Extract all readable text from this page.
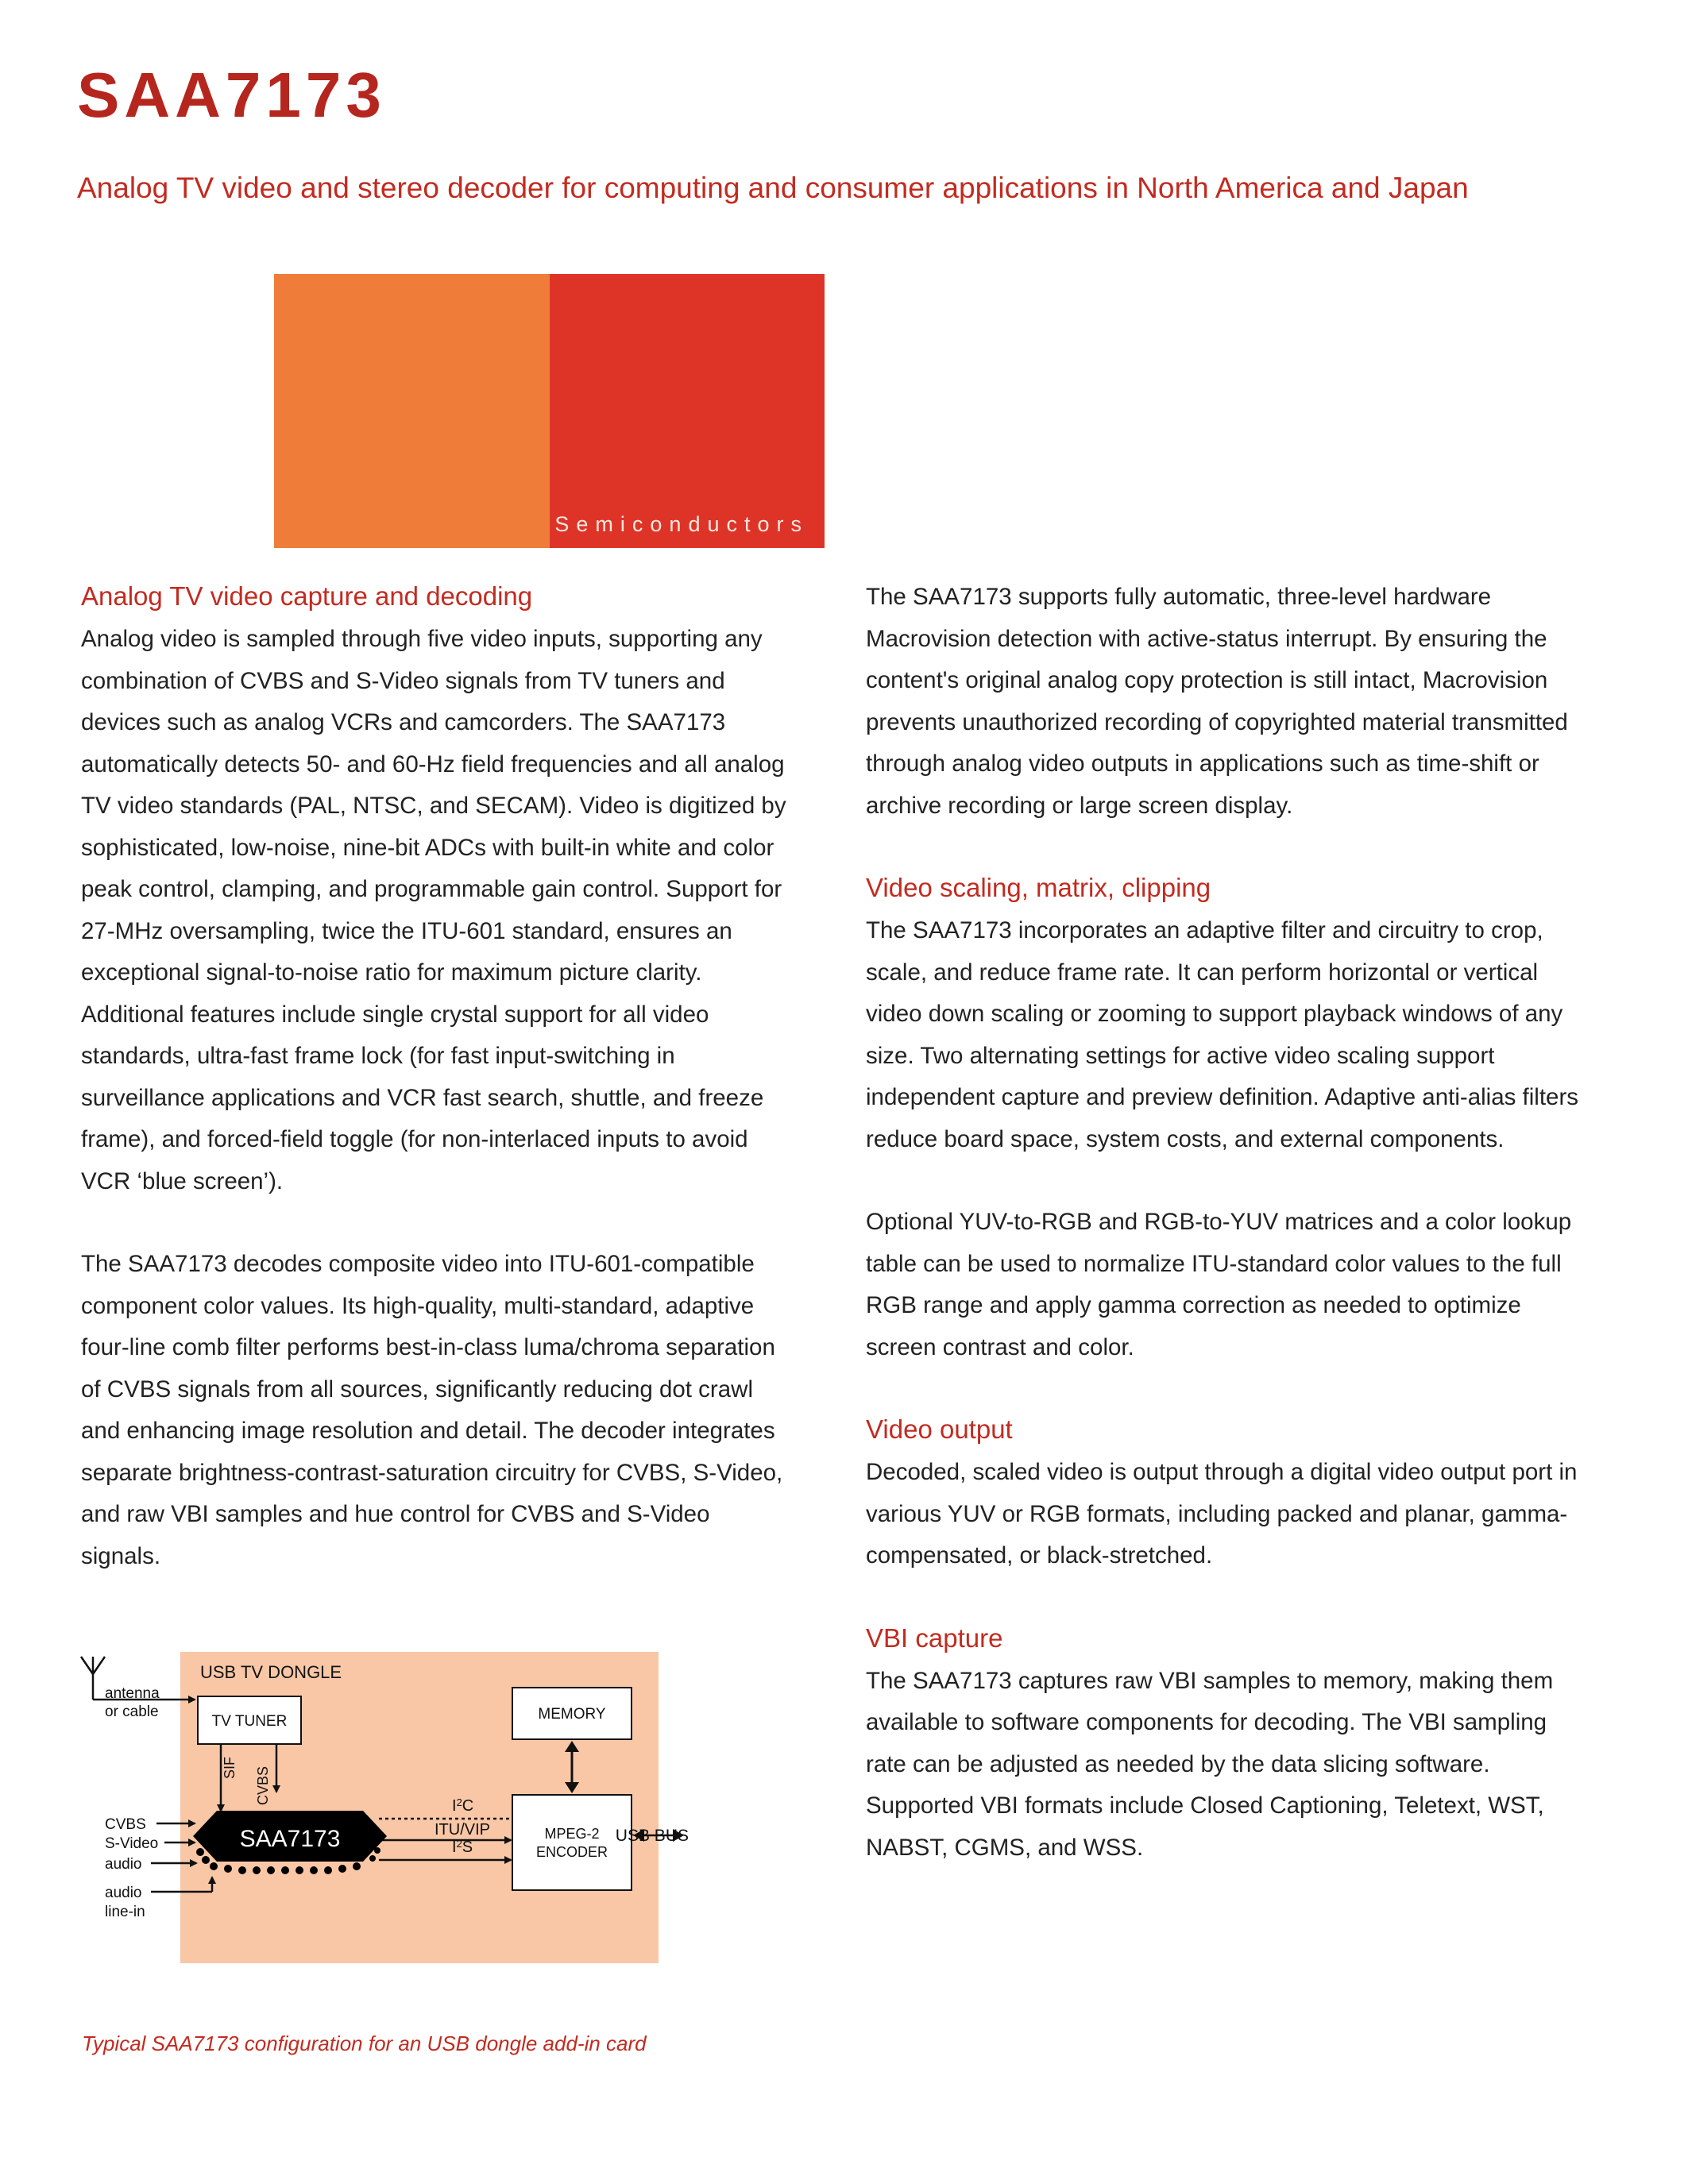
SAA7173

Analog TV video and stereo decoder for computing and consumer applications in North America and Japan

Semiconductors
Analog TV video capture and decoding

Analog video is sampled through five video inputs, supporting any combination of CVBS and S-Video signals from TV tuners and devices such as analog VCRs and camcorders. The SAA7173 automatically detects 50- and 60-Hz field frequencies and all analog TV video standards (PAL, NTSC, and SECAM). Video is digitized by sophisticated, low-noise, nine-bit ADCs with built-in white and color peak control, clamping, and programmable gain control. Support for 27-MHz oversampling, twice the ITU-601 standard, ensures an exceptional signal-to-noise ratio for maximum picture clarity. Additional features include single crystal support for all video standards, ultra-fast frame lock (for fast input-switching in surveillance applications and VCR fast search, shuttle, and freeze frame), and forced-field toggle (for non-interlaced inputs to avoid VCR ‘blue screen’).

The SAA7173 decodes composite video into ITU-601-compatible component color values. Its high-quality, multi-standard, adaptive four-line comb filter performs best-in-class luma/chroma separation of CVBS signals from all sources, significantly reducing dot crawl and enhancing image resolution and detail. The decoder integrates separate brightness-contrast-saturation circuitry for CVBS, S-Video, and raw VBI samples and hue control for CVBS and S-Video signals.

The SAA7173 supports fully automatic, three-level hardware Macrovision detection with active-status interrupt. By ensuring the content's original analog copy protection is still intact, Macrovision prevents unauthorized recording of copyrighted material transmitted through analog video outputs in applications such as time-shift or archive recording or large screen display.

Video scaling, matrix, clipping

The SAA7173 incorporates an adaptive filter and circuitry to crop, scale, and reduce frame rate. It can perform horizontal or vertical video down scaling or zooming to support playback windows of any size. Two alternating settings for active video scaling support independent capture and preview definition. Adaptive anti-alias filters reduce board space, system costs, and external components.

Optional YUV-to-RGB and RGB-to-YUV matrices and a color lookup table can be used to normalize ITU-standard color values to the full RGB range and apply gamma correction as needed to optimize screen contrast and color.

Video output

Decoded, scaled video is output through a digital video output port in various YUV or RGB formats, including packed and planar, gamma-compensated, or black-stretched.

VBI capture

The SAA7173 captures raw VBI samples to memory, making them available to software components for decoding. The VBI sampling rate can be adjusted as needed by the data slicing software. Supported VBI formats include Closed Captioning, Teletext, WST, NABST, CGMS, and WSS.

USB TV DONGLE
antenna
or cable
TV TUNER	MEMORY
MPEG-2
ENCODER
USB BUS
SIF CVBS
$I^2C$
ITU/VIP
$I^2S$
SAA7173
CVBS
S-Video
audio
audio
line-in

Typical SAA7173 configuration for an USB dongle add-in card
